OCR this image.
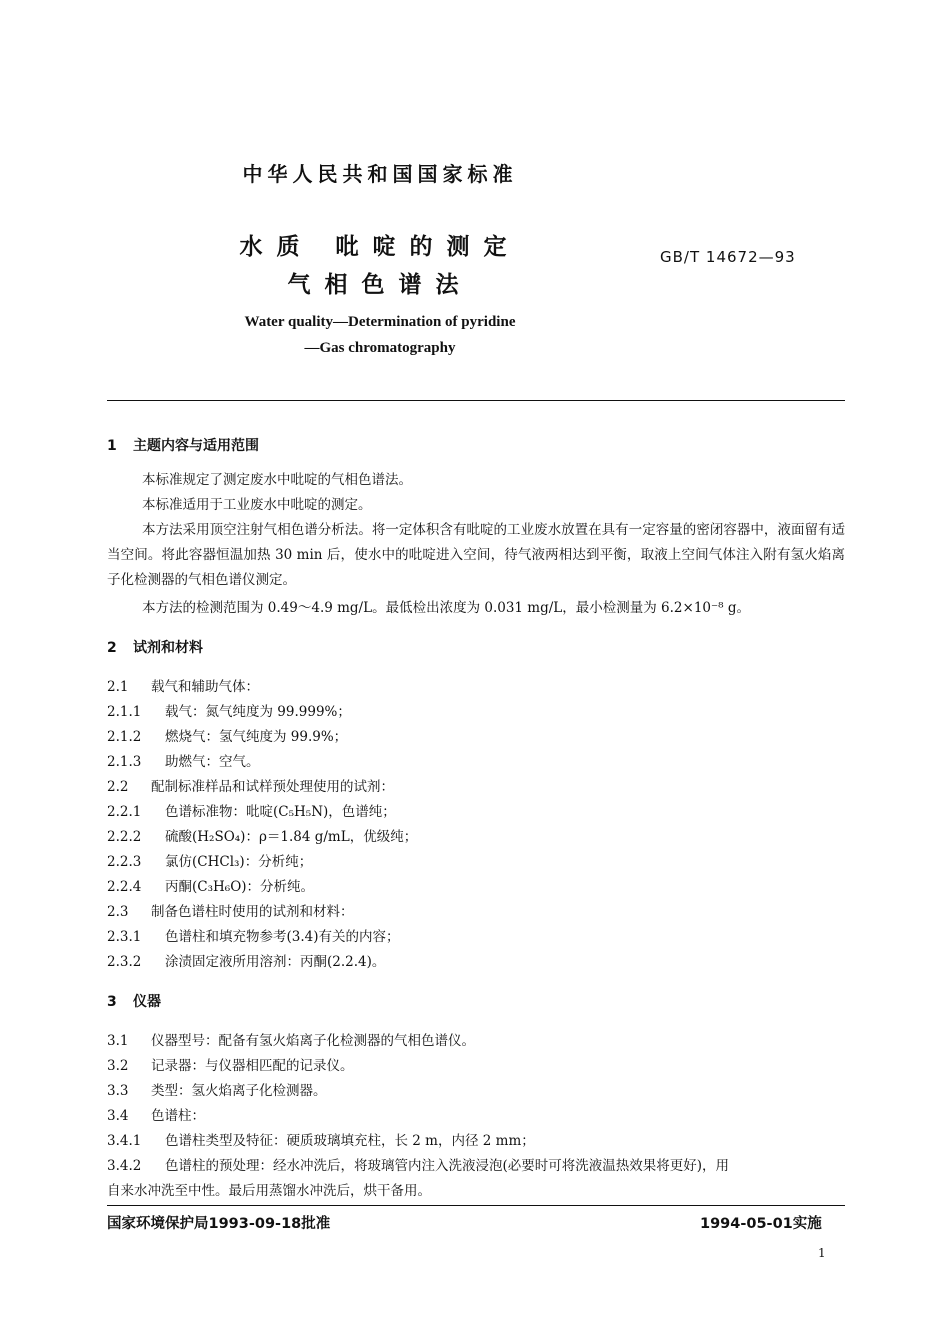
中华人民共和国国家标准
水质 吡啶的测定
气相色谱法
GB/T 14672—93
Water quality—Determination of pyridine
—Gas chromatography
1 主题内容与适用范围
本标准规定了测定废水中吡啶的气相色谱法。
本标准适用于工业废水中吡啶的测定。
本方法采用顶空注射气相色谱分析法。将一定体积含有吡啶的工业废水放置在具有一定容量的密闭容器中，液面留有适当空间。将此容器恒温加热 30 min 后，使水中的吡啶进入空间，待气液两相达到平衡，取液上空间气体注入附有氢火焰离子化检测器的气相色谱仪测定。
本方法的检测范围为 0.49～4.9 mg/L。最低检出浓度为 0.031 mg/L，最小检测量为 6.2×10⁻⁸ g。
2 试剂和材料
2.1 载气和辅助气体：
2.1.1 载气：氮气纯度为 99.999%；
2.1.2 燃烧气：氢气纯度为 99.9%；
2.1.3 助燃气：空气。
2.2 配制标准样品和试样预处理使用的试剂：
2.2.1 色谱标准物：吡啶(C₅H₅N)，色谱纯；
2.2.2 硫酸(H₂SO₄)：ρ＝1.84 g/mL，优级纯；
2.2.3 氯仿(CHCl₃)：分析纯；
2.2.4 丙酮(C₃H₆O)：分析纯。
2.3 制备色谱柱时使用的试剂和材料：
2.3.1 色谱柱和填充物参考(3.4)有关的内容；
2.3.2 涂渍固定液所用溶剂：丙酮(2.2.4)。
3 仪器
3.1 仪器型号：配备有氢火焰离子化检测器的气相色谱仪。
3.2 记录器：与仪器相匹配的记录仪。
3.3 类型：氢火焰离子化检测器。
3.4 色谱柱：
3.4.1 色谱柱类型及特征：硬质玻璃填充柱，长 2 m，内径 2 mm；
3.4.2 色谱柱的预处理：经水冲洗后，将玻璃管内注入洗液浸泡(必要时可将洗液温热效果将更好)，用
自来水冲洗至中性。最后用蒸馏水冲洗后，烘干备用。
国家环境保护局1993-09-18批准	1994-05-01实施
1
